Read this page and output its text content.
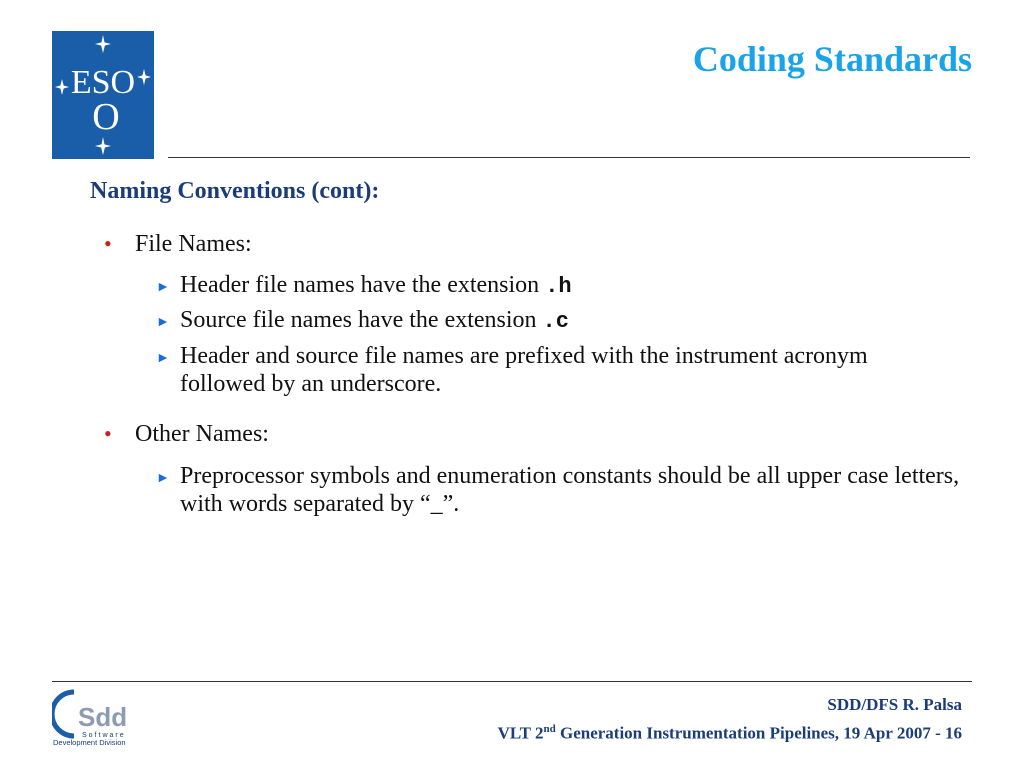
ESO
O
Coding Standards
Naming Conventions (cont):
• File Names:
► Header file names have the extension .h
► Source file names have the extension .c
► Header and source file names are prefixed with the instrument acronym followed by an underscore.
• Other Names:
► Preprocessor symbols and enumeration constants should be all upper case letters, with words separated by “_”.
Sdd
Software
Development Division
SDD/DFS R. Palsa
VLT 2nd Generation Instrumentation Pipelines, 19 Apr 2007 - 16
